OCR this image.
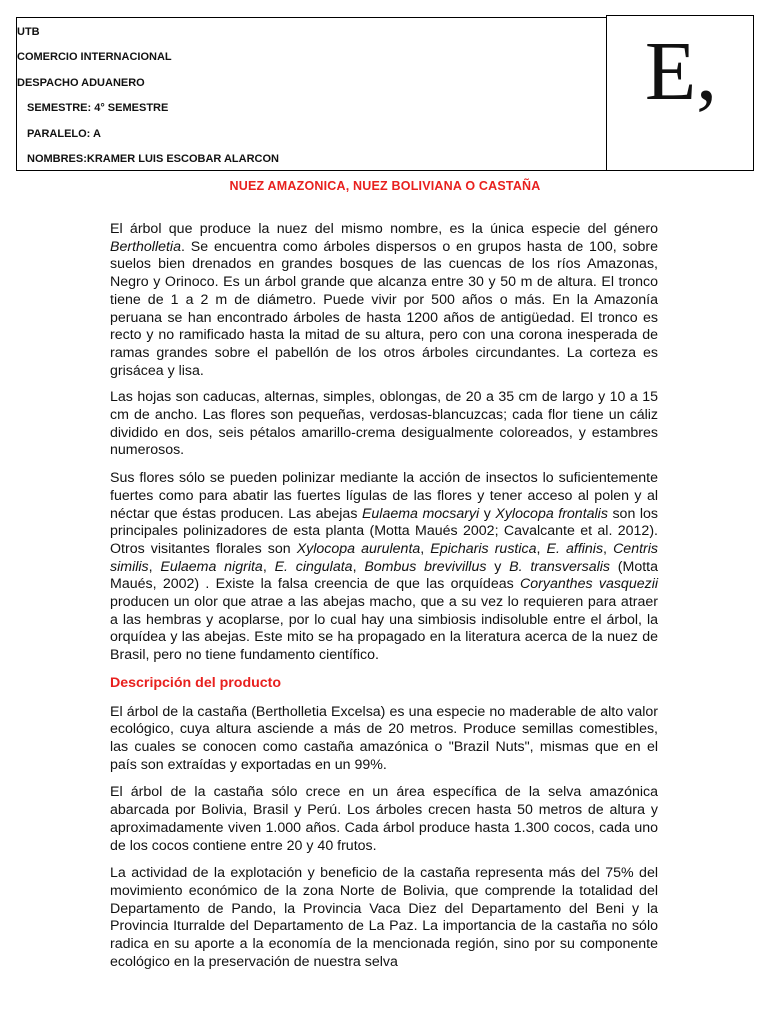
UTB
COMERCIO INTERNACIONAL
DESPACHO ADUANERO
SEMESTRE: 4° SEMESTRE
PARALELO: A
NOMBRES:KRAMER LUIS ESCOBAR ALARCON
E,
NUEZ AMAZONICA, NUEZ BOLIVIANA O CASTAÑA

El árbol que produce la nuez del mismo nombre, es la única especie del género Bertholletia. Se encuentra como árboles dispersos o en grupos hasta de 100, sobre suelos bien drenados en grandes bosques de las cuencas de los ríos Amazonas, Negro y Orinoco. Es un árbol grande que alcanza entre 30 y 50 m de altura. El tronco tiene de 1 a 2 m de diámetro. Puede vivir por 500 años o más. En la Amazonía peruana se han encontrado árboles de hasta 1200 años de antigüedad. El tronco es recto y no ramificado hasta la mitad de su altura, pero con una corona inesperada de ramas grandes sobre el pabellón de los otros árboles circundantes. La corteza es grisácea y lisa.

Las hojas son caducas, alternas, simples, oblongas, de 20 a 35 cm de largo y 10 a 15 cm de ancho. Las flores son pequeñas, verdosas-blancuzcas; cada flor tiene un cáliz dividido en dos, seis pétalos amarillo-crema desigualmente coloreados, y estambres numerosos.

Sus flores sólo se pueden polinizar mediante la acción de insectos lo suficientemente fuertes como para abatir las fuertes lígulas de las flores y tener acceso al polen y al néctar que éstas producen. Las abejas Eulaema mocsaryi y Xylocopa frontalis son los principales polinizadores de esta planta (Motta Maués 2002; Cavalcante et al. 2012). Otros visitantes florales son Xylocopa aurulenta, Epicharis rustica, E. affinis, Centris similis, Eulaema nigrita, E. cingulata, Bombus brevivillus y B. transversalis (Motta Maués, 2002) . Existe la falsa creencia de que las orquídeas Coryanthes vasquezii producen un olor que atrae a las abejas macho, que a su vez lo requieren para atraer a las hembras y acoplarse, por lo cual hay una simbiosis indisoluble entre el árbol, la orquídea y las abejas. Este mito se ha propagado en la literatura acerca de la nuez de Brasil, pero no tiene fundamento científico.

Descripción del producto

El árbol de la castaña (Bertholletia Excelsa) es una especie no maderable de alto valor ecológico, cuya altura asciende a más de 20 metros. Produce semillas comestibles, las cuales se conocen como castaña amazónica o "Brazil Nuts", mismas que en el país son extraídas y exportadas en un 99%.

El árbol de la castaña sólo crece en un área específica de la selva amazónica abarcada por Bolivia, Brasil y Perú. Los árboles crecen hasta 50 metros de altura y aproximadamente viven 1.000 años. Cada árbol produce hasta 1.300 cocos, cada uno de los cocos contiene entre 20 y 40 frutos.

La actividad de la explotación y beneficio de la castaña representa más del 75% del movimiento económico de la zona Norte de Bolivia, que comprende la totalidad del Departamento de Pando, la Provincia Vaca Diez del Departamento del Beni y la Provincia Iturralde del Departamento de La Paz. La importancia de la castaña no sólo radica en su aporte a la economía de la mencionada región, sino por su componente ecológico en la preservación de nuestra selva
